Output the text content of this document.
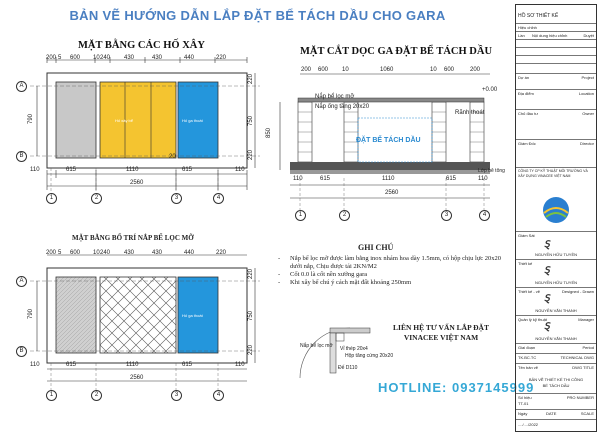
BẢN VẼ HƯỚNG DẪN LẮP ĐẶT BỂ TÁCH DẦU CHO GARA
MẶT BẰNG CÁC HỐ XÂY
200 5 600 10 240 430	430	440	220
790
220
750
220
Hố xây bể	Hố ga thoát
20
110	615	1110	615	110
2560
A
B
1	2	3	4
MẶT CẮT DỌC GA ĐẶT BỂ TÁCH DẦU
200 600 10	1060	10 600	200
+0.00
850
Nắp bể lọc mỡ
Nắp ống tầng 20x20
Rãnh thoát
Lớp bê tông
ĐẶT BỂ TÁCH DẦU
110	615	1110	615	110
2560
1	2	3	4
MẶT BẰNG BỐ TRÍ NẮP BỂ LỌC MỠ
200 5 600 10 240 430	430	440	220
790
220
750
220
Hố ga thoát
110	615	1110	615	110
2560
A
B
1	2	3	4
GHI CHÚ
-	Nắp bể lọc mỡ được làm bằng inox nhám hoa dày 1.5mm, có hộp chịu lực 20x20 dưới nắp, Chịu được tải 2KN/M2
-	Cốt 0.0 là cốt nền xưởng gara
-	Khi xây bể chú ý cách mặt đất khoảng 250mm
Nắp bể lọc mỡ Vỉ thép 20x4
Hộp tăng cứng 20x20
Đế D110
LIÊN HỆ TƯ VẤN LẮP ĐẶT
VINACEE VIỆT NAM
HOTLINE: 0937145999
HỒ SƠ THIẾT KẾ
Hiệu chỉnh
Lần Nội dung hiệu chỉnh	Duyệt
Dự án	Project
Địa điểm	Location
Chủ đầu tư	Owner
Giám Đốc	Director
CÔNG TY CP KỸ THUẬT MÔI TRƯỜNG VÀ XÂY DỰNG VINACEE VIỆT NAM
Giám Sát
Ȿ
NGUYỄN HỮU TUYỀN
Thiết kế
Ȿ
NGUYỄN HỮU TUYẾN
Thiết kế - vẽ	Designed - Drawn
Ȿ
NGUYỄN VĂN THANH
Quản lý kỹ thuật	Manager
Ȿ
NGUYỄN VĂN THANH
Giai đoạn	Period
TK.BC.TC	TECHNICAL DWG
Tên bản vẽ	DWG TITLE
BẢN VẼ THIẾT KẾ THI CÔNG
BỂ TÁCH DẦU
Số hiệu	PRO NUMBER
TT-01
Ngày	DATE	SCALE
..../..../2022
